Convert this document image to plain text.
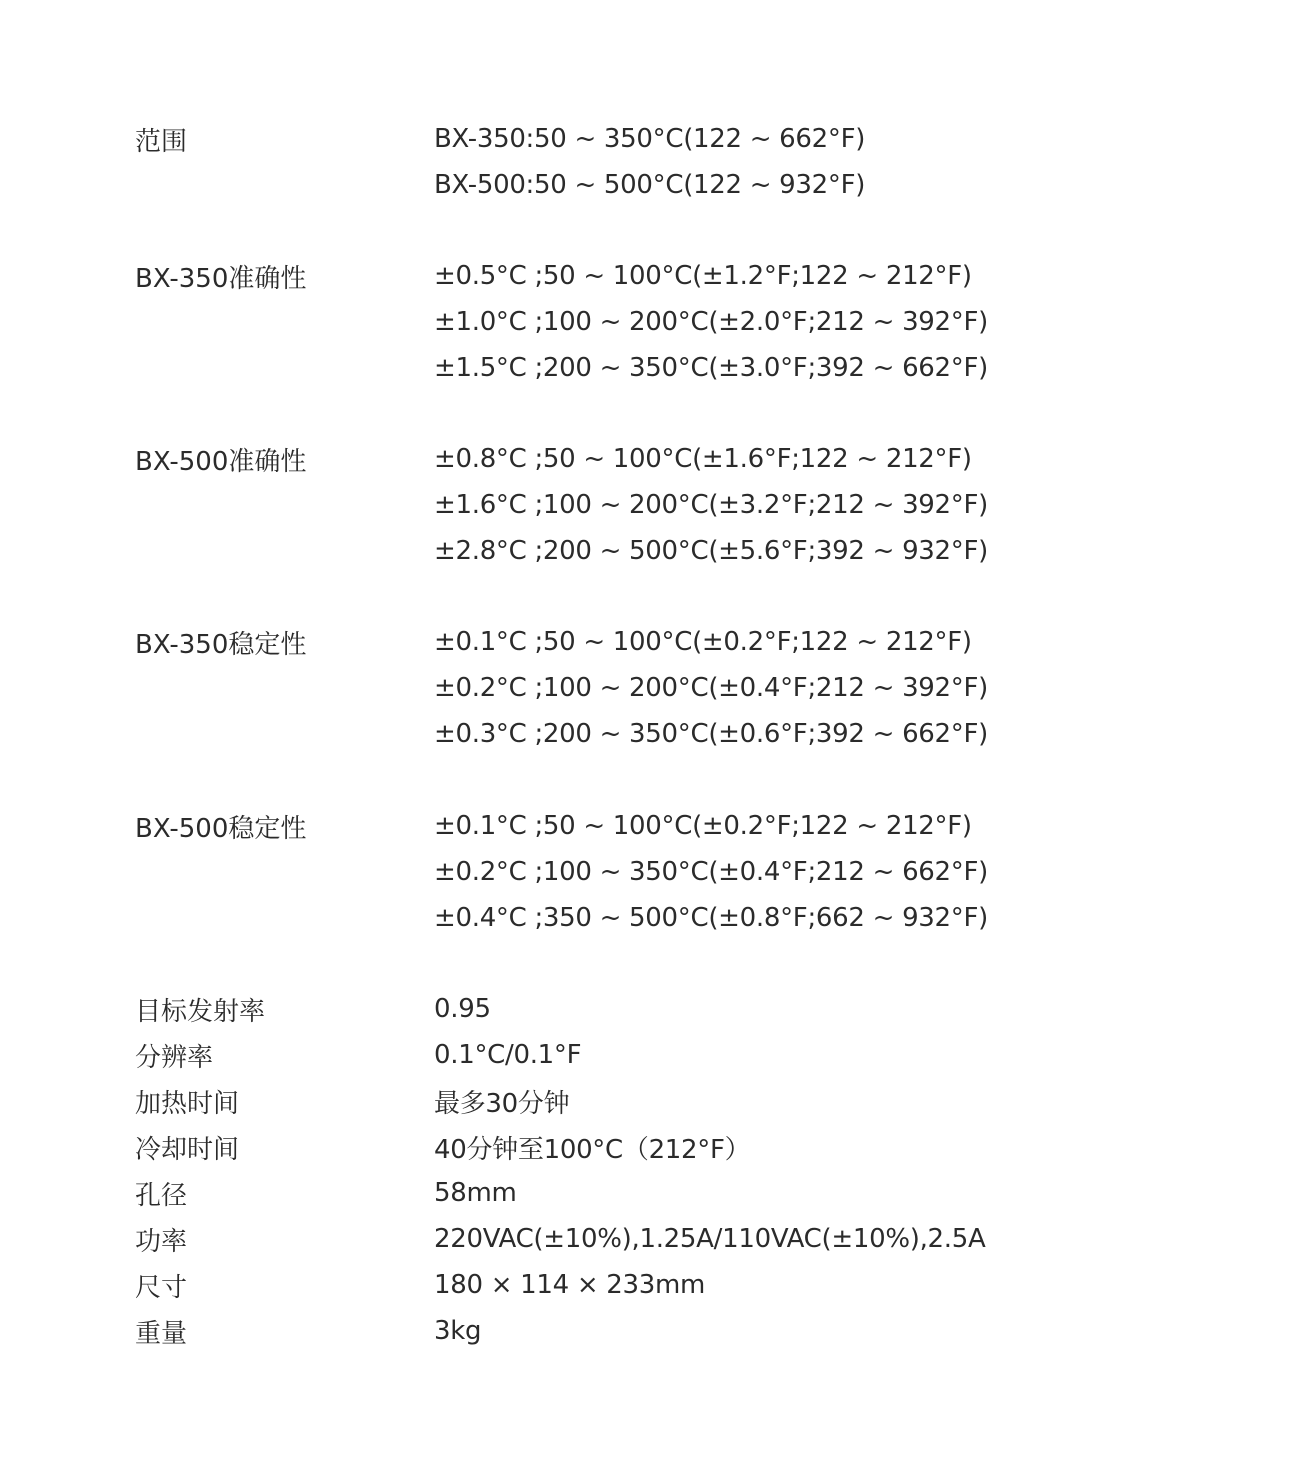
范围	BX-350:50 ~ 350°C(122 ~ 662°F)
BX-500:50 ~ 500°C(122 ~ 932°F)
BX-350准确性	±0.5°C ;50 ~ 100°C(±1.2°F;122 ~ 212°F)
±1.0°C ;100 ~ 200°C(±2.0°F;212 ~ 392°F)
±1.5°C ;200 ~ 350°C(±3.0°F;392 ~ 662°F)
BX-500准确性	±0.8°C ;50 ~ 100°C(±1.6°F;122 ~ 212°F)
±1.6°C ;100 ~ 200°C(±3.2°F;212 ~ 392°F)
±2.8°C ;200 ~ 500°C(±5.6°F;392 ~ 932°F)
BX-350稳定性	±0.1°C ;50 ~ 100°C(±0.2°F;122 ~ 212°F)
±0.2°C ;100 ~ 200°C(±0.4°F;212 ~ 392°F)
±0.3°C ;200 ~ 350°C(±0.6°F;392 ~ 662°F)
BX-500稳定性	±0.1°C ;50 ~ 100°C(±0.2°F;122 ~ 212°F)
±0.2°C ;100 ~ 350°C(±0.4°F;212 ~ 662°F)
±0.4°C ;350 ~ 500°C(±0.8°F;662 ~ 932°F)
目标发射率	0.95
分辨率	0.1°C/0.1°F
加热时间	最多30分钟
冷却时间	40分钟至100°C（212°F）
孔径	58mm
功率	220VAC(±10%),1.25A/110VAC(±10%),2.5A
尺寸	180 × 114 × 233mm
重量	3kg
